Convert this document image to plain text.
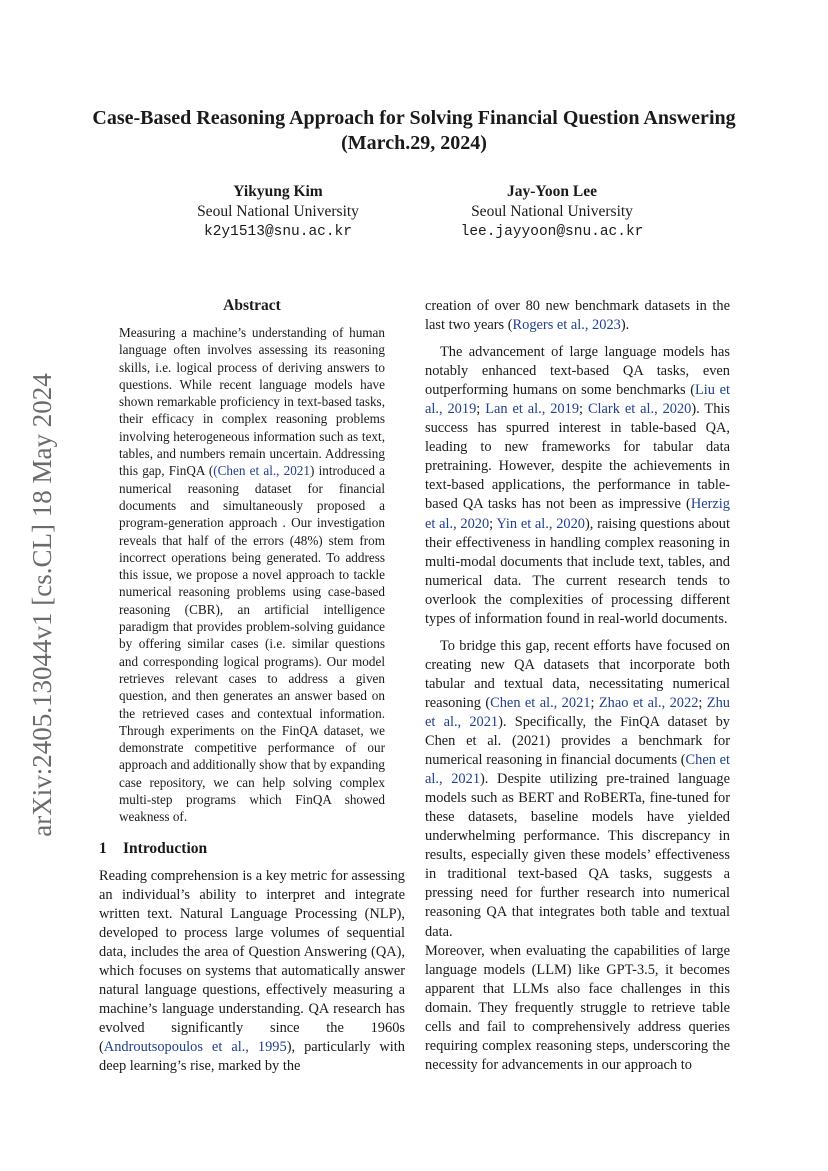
arXiv:2405.13044v1 [cs.CL] 18 May 2024
Case-Based Reasoning Approach for Solving Financial Question Answering (March.29, 2024)
Yikyung Kim
Seoul National University
k2y1513@snu.ac.kr
Jay-Yoon Lee
Seoul National University
lee.jayyoon@snu.ac.kr
Abstract

Measuring a machine’s understanding of human language often involves assessing its reasoning skills, i.e. logical process of deriving answers to questions. While recent language models have shown remarkable proficiency in text-based tasks, their efficacy in complex reasoning problems involving heterogeneous information such as text, tables, and numbers remain uncertain. Addressing this gap, FinQA ((Chen et al., 2021) introduced a numerical reasoning dataset for financial documents and simultaneously proposed a program-generation approach . Our investigation reveals that half of the errors (48%) stem from incorrect operations being generated. To address this issue, we propose a novel approach to tackle numerical reasoning problems using case-based reasoning (CBR), an artificial intelligence paradigm that provides problem-solving guidance by offering similar cases (i.e. similar questions and corresponding logical programs). Our model retrieves relevant cases to address a given question, and then generates an answer based on the retrieved cases and contextual information. Through experiments on the FinQA dataset, we demonstrate competitive performance of our approach and additionally show that by expanding case repository, we can help solving complex multi-step programs which FinQA showed weakness of.

1 Introduction

Reading comprehension is a key metric for assessing an individual’s ability to interpret and integrate written text. Natural Language Processing (NLP), developed to process large volumes of sequential data, includes the area of Question Answering (QA), which focuses on systems that automatically answer natural language questions, effectively measuring a machine’s language understanding. QA research has evolved significantly since the 1960s (Androutsopoulos et al., 1995), particularly with deep learning’s rise, marked by the

creation of over 80 new benchmark datasets in the last two years (Rogers et al., 2023).

The advancement of large language models has notably enhanced text-based QA tasks, even outperforming humans on some benchmarks (Liu et al., 2019; Lan et al., 2019; Clark et al., 2020). This success has spurred interest in table-based QA, leading to new frameworks for tabular data pretraining. However, despite the achievements in text-based applications, the performance in table-based QA tasks has not been as impressive (Herzig et al., 2020; Yin et al., 2020), raising questions about their effectiveness in handling complex reasoning in multi-modal documents that include text, tables, and numerical data. The current research tends to overlook the complexities of processing different types of information found in real-world documents.

To bridge this gap, recent efforts have focused on creating new QA datasets that incorporate both tabular and textual data, necessitating numerical reasoning (Chen et al., 2021; Zhao et al., 2022; Zhu et al., 2021). Specifically, the FinQA dataset by Chen et al. (2021) provides a benchmark for numerical reasoning in financial documents (Chen et al., 2021). Despite utilizing pre-trained language models such as BERT and RoBERTa, fine-tuned for these datasets, baseline models have yielded underwhelming performance. This discrepancy in results, especially given these models’ effectiveness in traditional text-based QA tasks, suggests a pressing need for further research into numerical reasoning QA that integrates both table and textual data.

Moreover, when evaluating the capabilities of large language models (LLM) like GPT-3.5, it becomes apparent that LLMs also face challenges in this domain. They frequently struggle to retrieve table cells and fail to comprehensively address queries requiring complex reasoning steps, underscoring the necessity for advancements in our approach to
